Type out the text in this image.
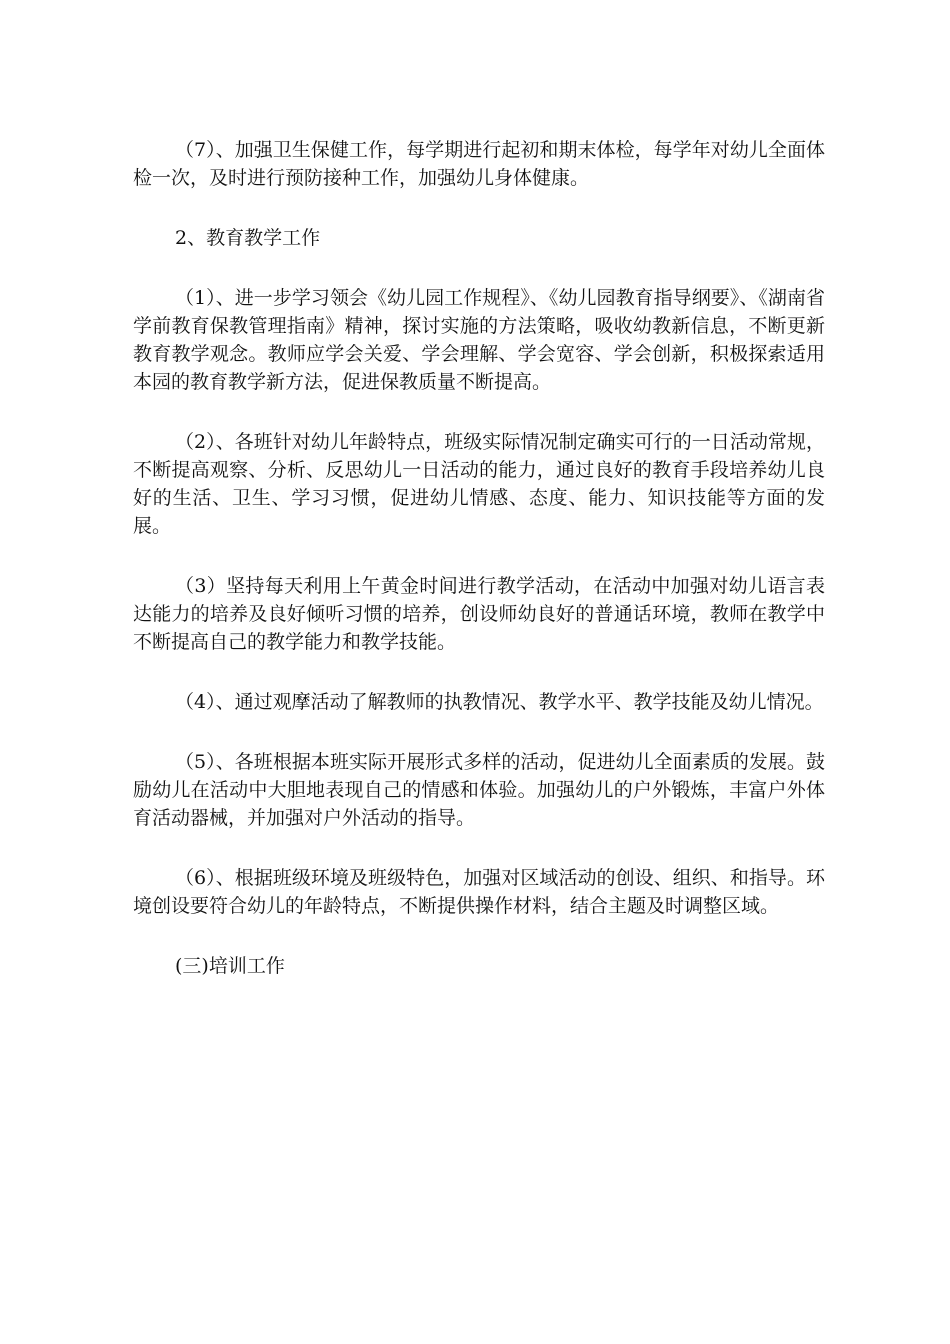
（7）、加强卫生保健工作，每学期进行起初和期末体检，每学年对幼儿全面体检一次，及时进行预防接种工作，加强幼儿身体健康。

2、教育教学工作

（1）、进一步学习领会《幼儿园工作规程》、《幼儿园教育指导纲要》、《湖南省学前教育保教管理指南》精神，探讨实施的方法策略，吸收幼教新信息，不断更新教育教学观念。教师应学会关爱、学会理解、学会宽容、学会创新，积极探索适用本园的教育教学新方法，促进保教质量不断提高。

（2）、各班针对幼儿年龄特点，班级实际情况制定确实可行的一日活动常规，不断提高观察、分析、反思幼儿一日活动的能力，通过良好的教育手段培养幼儿良好的生活、卫生、学习习惯，促进幼儿情感、态度、能力、知识技能等方面的发展。

（3）坚持每天利用上午黄金时间进行教学活动，在活动中加强对幼儿语言表达能力的培养及良好倾听习惯的培养，创设师幼良好的普通话环境，教师在教学中不断提高自己的教学能力和教学技能。

（4）、通过观摩活动了解教师的执教情况、教学水平、教学技能及幼儿情况。

（5）、各班根据本班实际开展形式多样的活动，促进幼儿全面素质的发展。鼓励幼儿在活动中大胆地表现自己的情感和体验。加强幼儿的户外锻炼，丰富户外体育活动器械，并加强对户外活动的指导。

（6）、根据班级环境及班级特色，加强对区域活动的创设、组织、和指导。环境创设要符合幼儿的年龄特点，不断提供操作材料，结合主题及时调整区域。

(三)培训工作
